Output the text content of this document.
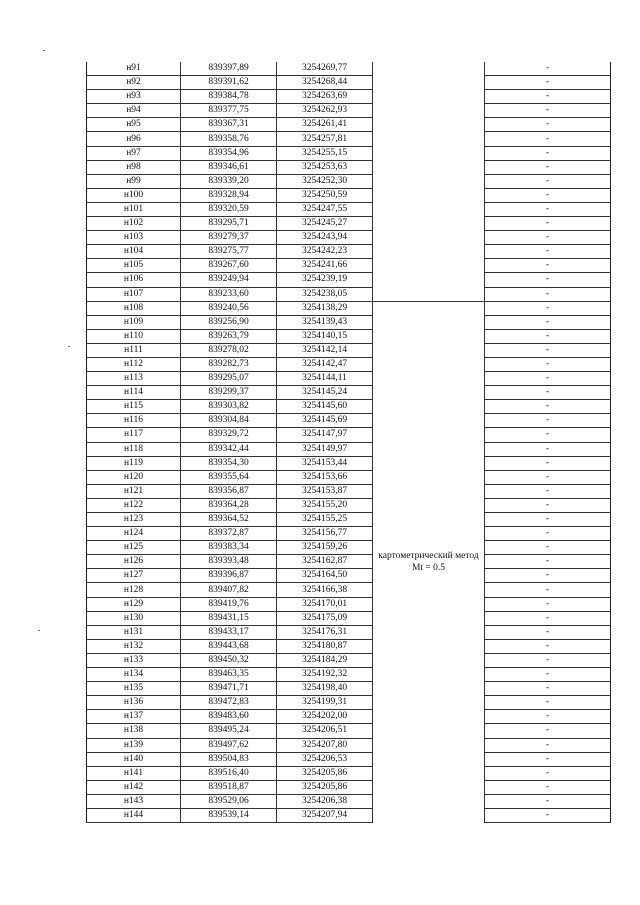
н91	839397,89	3254269,77		-
н92	839391,62	3254268,44		-
н93	839384,78	3254263,69		-
н94	839377,75	3254262,93		-
н95	839367,31	3254261,41		-
н96	839358,76	3254257,81		-
н97	839354,96	3254255,15		-
н98	839346,61	3254253,63		-
н99	839339,20	3254252,30		-
н100	839328,94	3254250,59		-
н101	839320,59	3254247,55		-
н102	839295,71	3254245,27		-
н103	839279,37	3254243,94		-
н104	839275,77	3254242,23		-
н105	839267,60	3254241,66		-
н106	839249,94	3254239,19		-
н107	839233,60	3254238,05		-
н108	839240,56	3254138,29	картометрический метод Mt = 0.5	-
н109	839256,90	3254139,43		-
н110	839263,79	3254140,15		-
н111	839278,02	3254142,14		-
н112	839282,73	3254142,47		-
н113	839295,07	3254144,11		-
н114	839299,37	3254145,24		-
н115	839303,82	3254145,60		-
н116	839304,84	3254145,69		-
н117	839329,72	3254147,97		-
н118	839342,44	3254149,97		-
н119	839354,30	3254153,44		-
н120	839355,64	3254153,66		-
н121	839356,87	3254153,87		-
н122	839364,28	3254155,20		-
н123	839364,52	3254155,25		-
н124	839372,87	3254156,77		-
н125	839383,34	3254159,26		-
н126	839393,48	3254162,87		-
н127	839396,87	3254164,50		-
н128	839407,82	3254166,38		-
н129	839419,76	3254170,01		-
н130	839431,15	3254175,09		-
н131	839433,17	3254176,31		-
н132	839443,68	3254180,87		-
н133	839450,32	3254184,29		-
н134	839463,35	3254192,32		-
н135	839471,71	3254198,40		-
н136	839472,83	3254199,31		-
н137	839483,60	3254202,00		-
н138	839495,24	3254206,51		-
н139	839497,62	3254207,80		-
н140	839504,83	3254206,53		-
н141	839516,40	3254205,86		-
н142	839518,87	3254205,86		-
н143	839529,06	3254206,38		-
н144	839539,14	3254207,94		-
